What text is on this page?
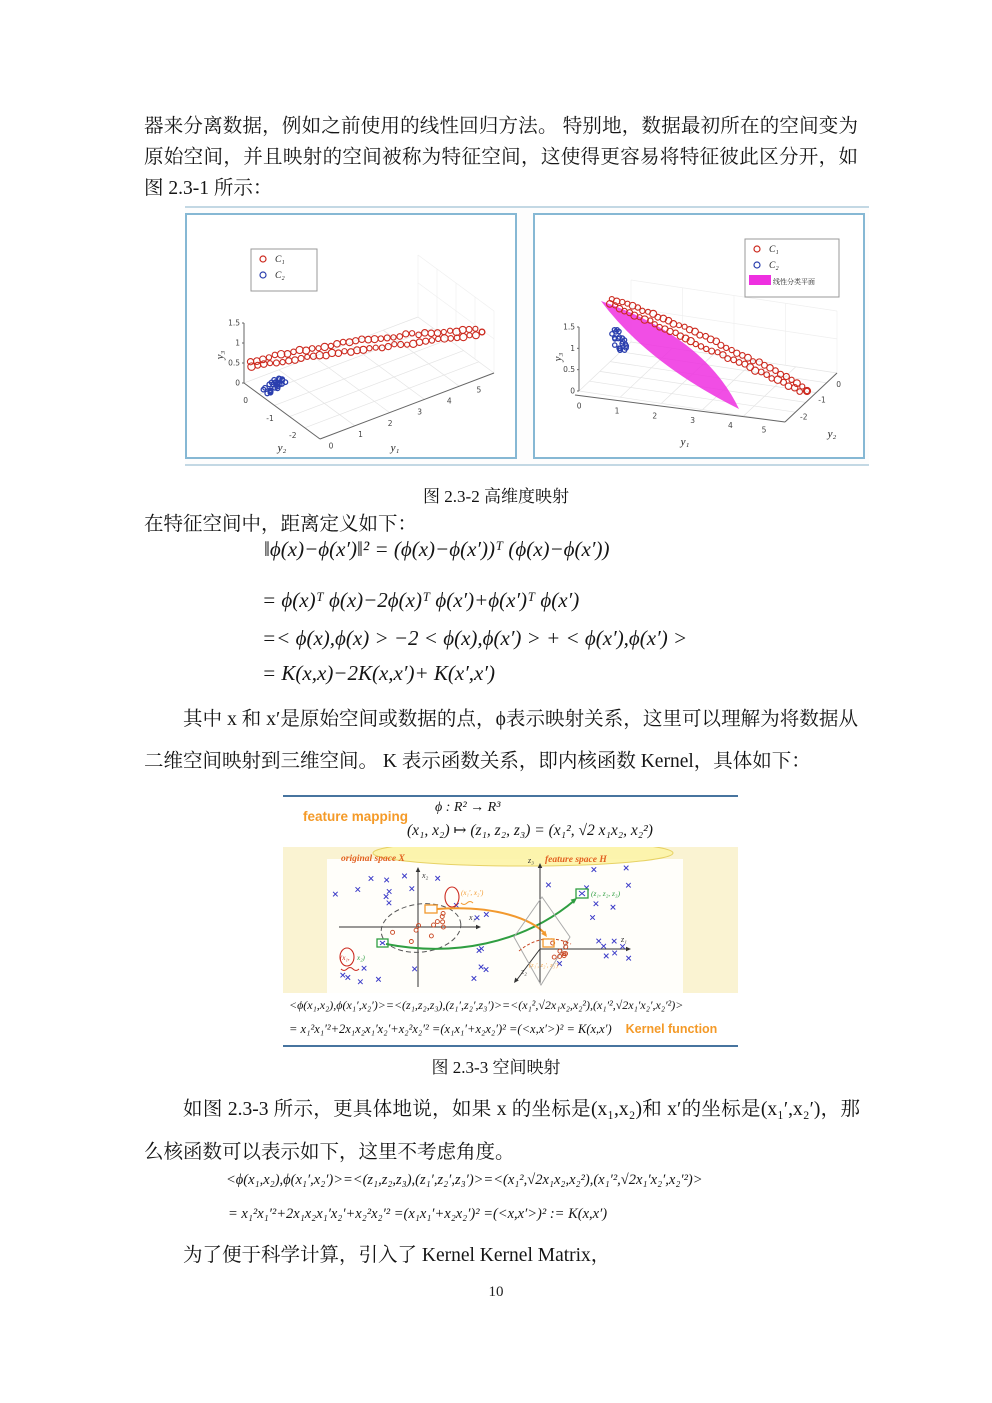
器来分离数据，例如之前使用的线性回归方法。 特别地，数据最初所在的空间变为原始空间，并且映射的空间被称为特征空间，这使得更容易将特征彼此区分开，如图 2.3-1 所示：
0
0.5
1
1.5
0
1
2
3
4
5
0
-1
-2
y₁
y₂
y₃
C₁
C₂
0
0.5
1
1.5
0
1
2
3
4	5
-2
-1
0
y₁
y₂
y₃
C₁
C₂
线性分类平面
图 2.3-2 高维度映射
在特征空间中，距离定义如下：
‖ϕ(x)−ϕ(x′)‖² = (ϕ(x)−ϕ(x′))ᵀ (ϕ(x)−ϕ(x′))
= ϕ(x)ᵀ ϕ(x)−2ϕ(x)ᵀ ϕ(x′)+ϕ(x′)ᵀ ϕ(x′)
=< ϕ(x),ϕ(x) > −2 < ϕ(x),ϕ(x′) > + < ϕ(x′),ϕ(x′) >
= K(x,x)−2K(x,x′)+ K(x′,x′)
其中 x 和 x′是原始空间或数据的点，ϕ表示映射关系，这里可以理解为将数据从二维空间映射到三维空间。 K 表示函数关系，即内核函数 Kernel，具体如下：
feature mapping
ϕ : R² → R³
(x₁, x₂) ↦ (z₁, z₂, z₃) = (x₁², √2 x₁x₂, x₂²)
x₂
x₁
original space X
(x₁, x₂)
(x₁′, x₂′)
z₃ feature space H
z₁
z₂
(z₁′, z₂′, z₃′)
(z₁, z₂, z₃)
<ϕ(x₁,x₂),ϕ(x₁′,x₂′)>=<(z₁,z₂,z₃),(z₁′,z₂′,z₃′)>=<(x₁²,√2x₁x₂,x₂²),(x₁′²,√2x₁′x₂′,x₂′²)>
= x₁²x₁′²+2x₁x₂x₁′x₂′+x₂²x₂′² =(x₁x₁′+x₂x₂′)² =(<x,x′>)² = K(x,x′) Kernel function
图 2.3-3 空间映射
如图 2.3-3 所示，更具体地说，如果 x 的坐标是(x₁,x₂)和 x′的坐标是(x₁′,x₂′)，那么核函数可以表示如下，这里不考虑角度。
<ϕ(x₁,x₂),ϕ(x₁′,x₂′)>=<(z₁,z₂,z₃),(z₁′,z₂′,z₃′)>=<(x₁²,√2x₁x₂,x₂²),(x₁′²,√2x₁′x₂′,x₂′²)>
= x₁²x₁′²+2x₁x₂x₁′x₂′+x₂²x₂′² =(x₁x₁′+x₂x₂′)² =(<x,x′>)² := K(x,x′)
为了便于科学计算，引入了 Kernel Kernel Matrix，
10
